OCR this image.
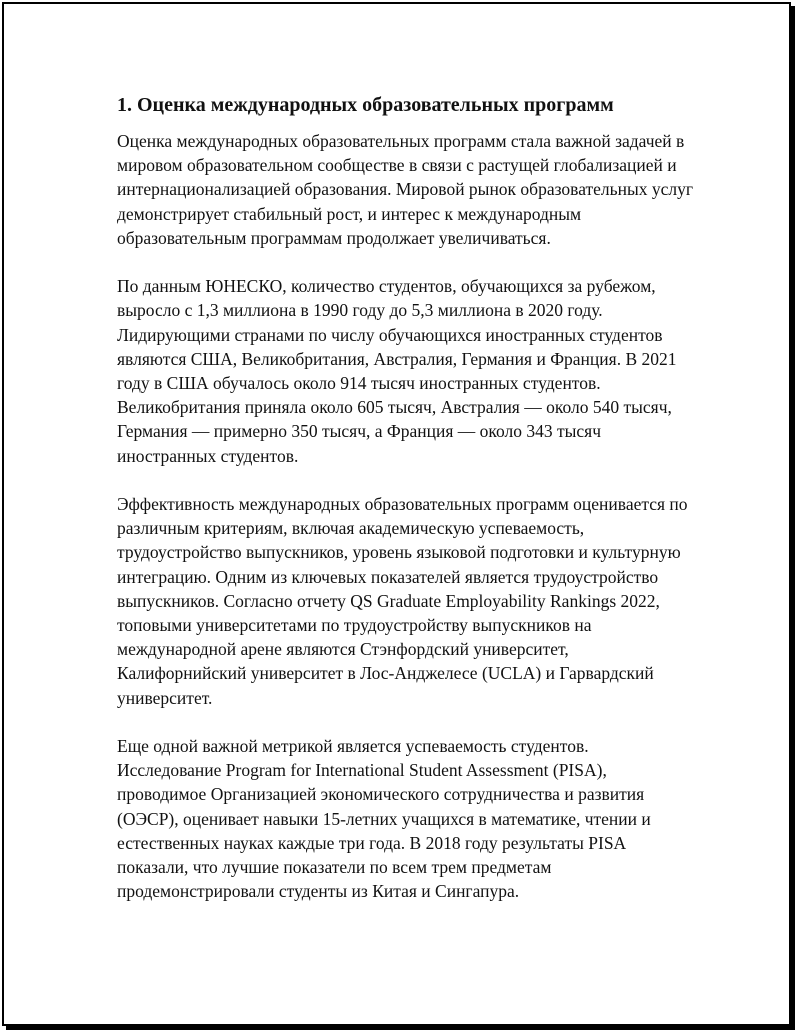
1. Оценка международных образовательных программ

Оценка международных образовательных программ стала важной задачей в мировом образовательном сообществе в связи с растущей глобализацией и интернационализацией образования. Мировой рынок образовательных услуг демонстрирует стабильный рост, и интерес к международным образовательным программам продолжает увеличиваться.

По данным ЮНЕСКО, количество студентов, обучающихся за рубежом, выросло с 1,3 миллиона в 1990 году до 5,3 миллиона в 2020 году. Лидирующими странами по числу обучающихся иностранных студентов являются США, Великобритания, Австралия, Германия и Франция. В 2021 году в США обучалось около 914 тысяч иностранных студентов. Великобритания приняла около 605 тысяч, Австралия — около 540 тысяч, Германия — примерно 350 тысяч, а Франция — около 343 тысяч иностранных студентов.

Эффективность международных образовательных программ оценивается по различным критериям, включая академическую успеваемость, трудоустройство выпускников, уровень языковой подготовки и культурную интеграцию. Одним из ключевых показателей является трудоустройство выпускников. Согласно отчету QS Graduate Employability Rankings 2022, топовыми университетами по трудоустройству выпускников на международной арене являются Стэнфордский университет, Калифорнийский университет в Лос-Анджелесе (UCLA) и Гарвардский университет.

Еще одной важной метрикой является успеваемость студентов. Исследование Program for International Student Assessment (PISA), проводимое Организацией экономического сотрудничества и развития (ОЭСР), оценивает навыки 15-летних учащихся в математике, чтении и естественных науках каждые три года. В 2018 году результаты PISA показали, что лучшие показатели по всем трем предметам продемонстрировали студенты из Китая и Сингапура.
